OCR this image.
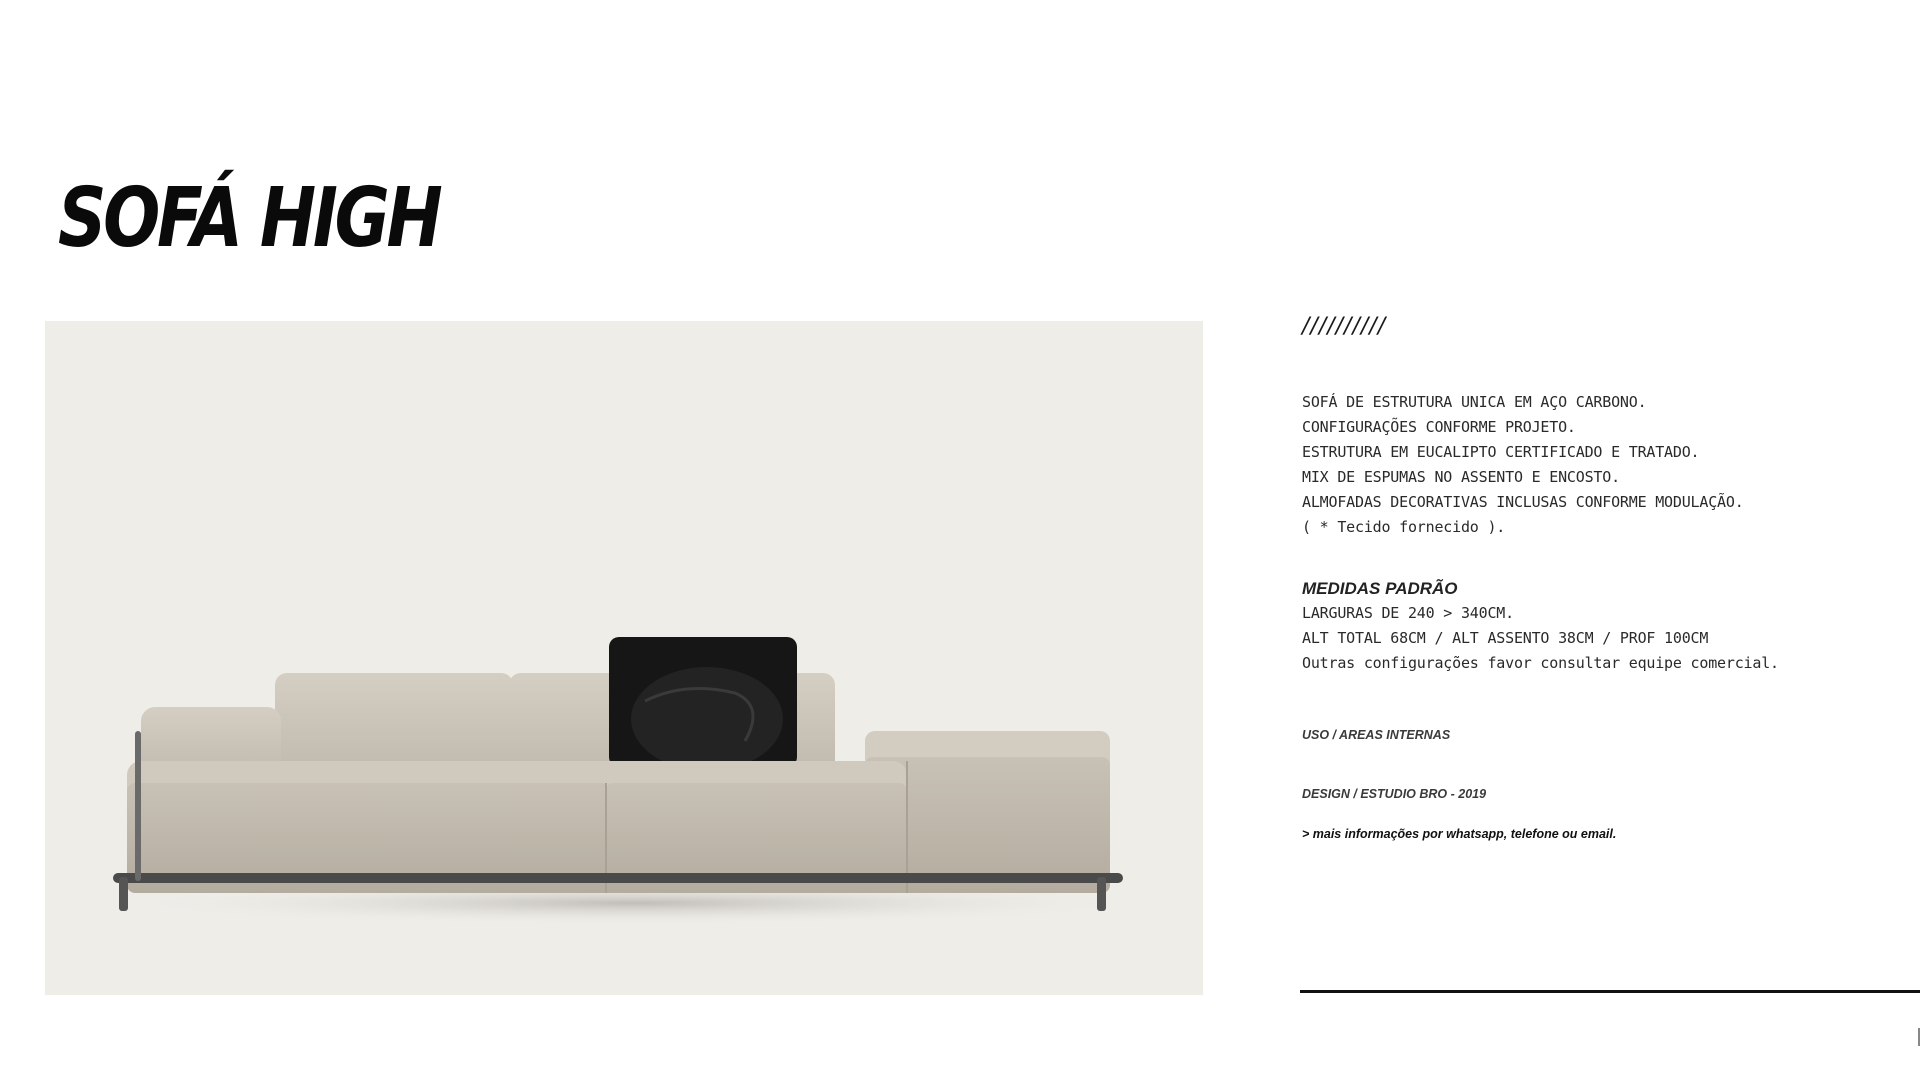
SOFÁ HIGH

//////////

SOFÁ DE ESTRUTURA UNICA EM AÇO CARBONO.

CONFIGURAÇÕES CONFORME PROJETO.

ESTRUTURA EM EUCALIPTO CERTIFICADO E TRATADO.

MIX DE ESPUMAS NO ASSENTO E ENCOSTO.

ALMOFADAS DECORATIVAS INCLUSAS CONFORME MODULAÇÃO.

( * Tecido fornecido ).

MEDIDAS PADRÃO

LARGURAS DE 240 > 340CM.

ALT TOTAL 68CM / ALT ASSENTO 38CM / PROF 100CM

Outras configurações favor consultar equipe comercial.

USO / AREAS INTERNAS

DESIGN / ESTUDIO BRO - 2019

> mais informações por whatsapp, telefone ou email.
